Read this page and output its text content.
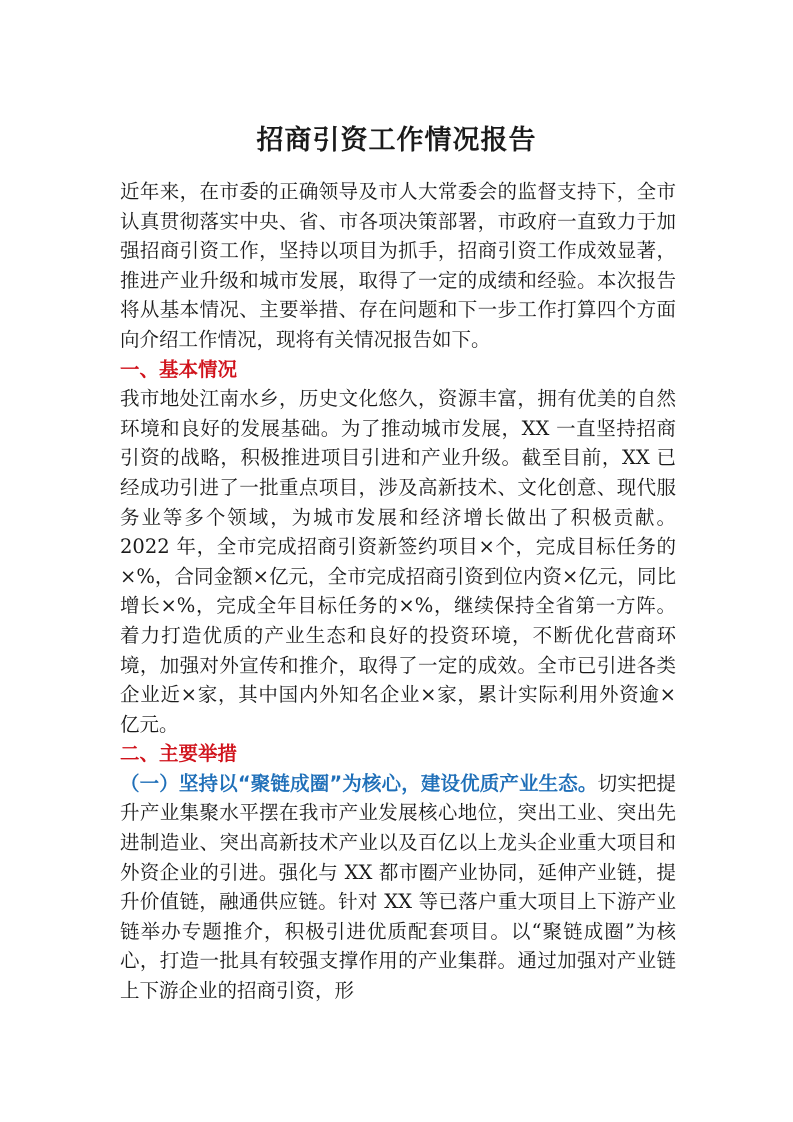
招商引资工作情况报告

近年来，在市委的正确领导及市人大常委会的监督支持下，全市认真贯彻落实中央、省、市各项决策部署，市政府一直致力于加强招商引资工作，坚持以项目为抓手，招商引资工作成效显著，推进产业升级和城市发展，取得了一定的成绩和经验。本次报告将从基本情况、主要举措、存在问题和下一步工作打算四个方面向介绍工作情况，现将有关情况报告如下。

一、基本情况

我市地处江南水乡，历史文化悠久，资源丰富，拥有优美的自然环境和良好的发展基础。为了推动城市发展，XX 一直坚持招商引资的战略，积极推进项目引进和产业升级。截至目前，XX 已经成功引进了一批重点项目，涉及高新技术、文化创意、现代服务业等多个领域，为城市发展和经济增长做出了积极贡献。2022 年，全市完成招商引资新签约项目×个，完成目标任务的×%，合同金额×亿元，全市完成招商引资到位内资×亿元，同比增长×%，完成全年目标任务的×%，继续保持全省第一方阵。着力打造优质的产业生态和良好的投资环境，不断优化营商环境，加强对外宣传和推介，取得了一定的成效。全市已引进各类企业近×家，其中国内外知名企业×家，累计实际利用外资逾×亿元。

二、主要举措

（一）坚持以“聚链成圈”为核心，建设优质产业生态。切实把提升产业集聚水平摆在我市产业发展核心地位，突出工业、突出先进制造业、突出高新技术产业以及百亿以上龙头企业重大项目和外资企业的引进。强化与 XX 都市圈产业协同，延伸产业链，提升价值链，融通供应链。针对 XX 等已落户重大项目上下游产业链举办专题推介，积极引进优质配套项目。以“聚链成圈”为核心，打造一批具有较强支撑作用的产业集群。通过加强对产业链上下游企业的招商引资，形
